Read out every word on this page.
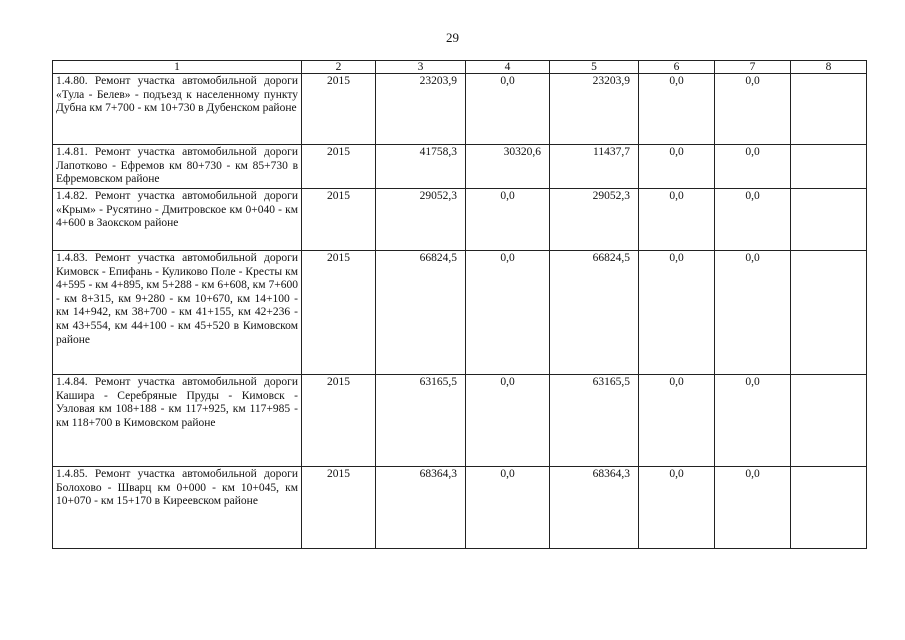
29
1	2	3	4	5	6	7	8
1.4.80. Ремонт участка автомобильной дороги «Тула - Белев» - подъезд к населенному пункту Дубна км 7+700 - км 10+730 в Дубенском районе	2015	23203,9	0,0	23203,9	0,0	0,0	
1.4.81. Ремонт участка автомобильной дороги Лапотково - Ефремов км 80+730 - км 85+730 в Ефремовском районе	2015	41758,3	30320,6	11437,7	0,0	0,0	
1.4.82. Ремонт участка автомобильной дороги «Крым» - Русятино - Дмитровское км 0+040 - км 4+600 в Заокском районе	2015	29052,3	0,0	29052,3	0,0	0,0	
1.4.83. Ремонт участка автомобильной дороги Кимовск - Епифань - Куликово Поле - Кресты км 4+595 - км 4+895, км 5+288 - км 6+608, км 7+600 - км 8+315, км 9+280 - км 10+670, км 14+100 - км 14+942, км 38+700 - км 41+155, км 42+236 - км 43+554, км 44+100 - км 45+520 в Кимовском районе	2015	66824,5	0,0	66824,5	0,0	0,0	
1.4.84. Ремонт участка автомобильной дороги Кашира - Серебряные Пруды - Кимовск - Узловая км 108+188 - км 117+925, км 117+985 - км 118+700 в Кимовском районе	2015	63165,5	0,0	63165,5	0,0	0,0	
1.4.85. Ремонт участка автомобильной дороги Болохово - Шварц км 0+000 - км 10+045, км 10+070 - км 15+170 в Киреевском районе	2015	68364,3	0,0	68364,3	0,0	0,0	
